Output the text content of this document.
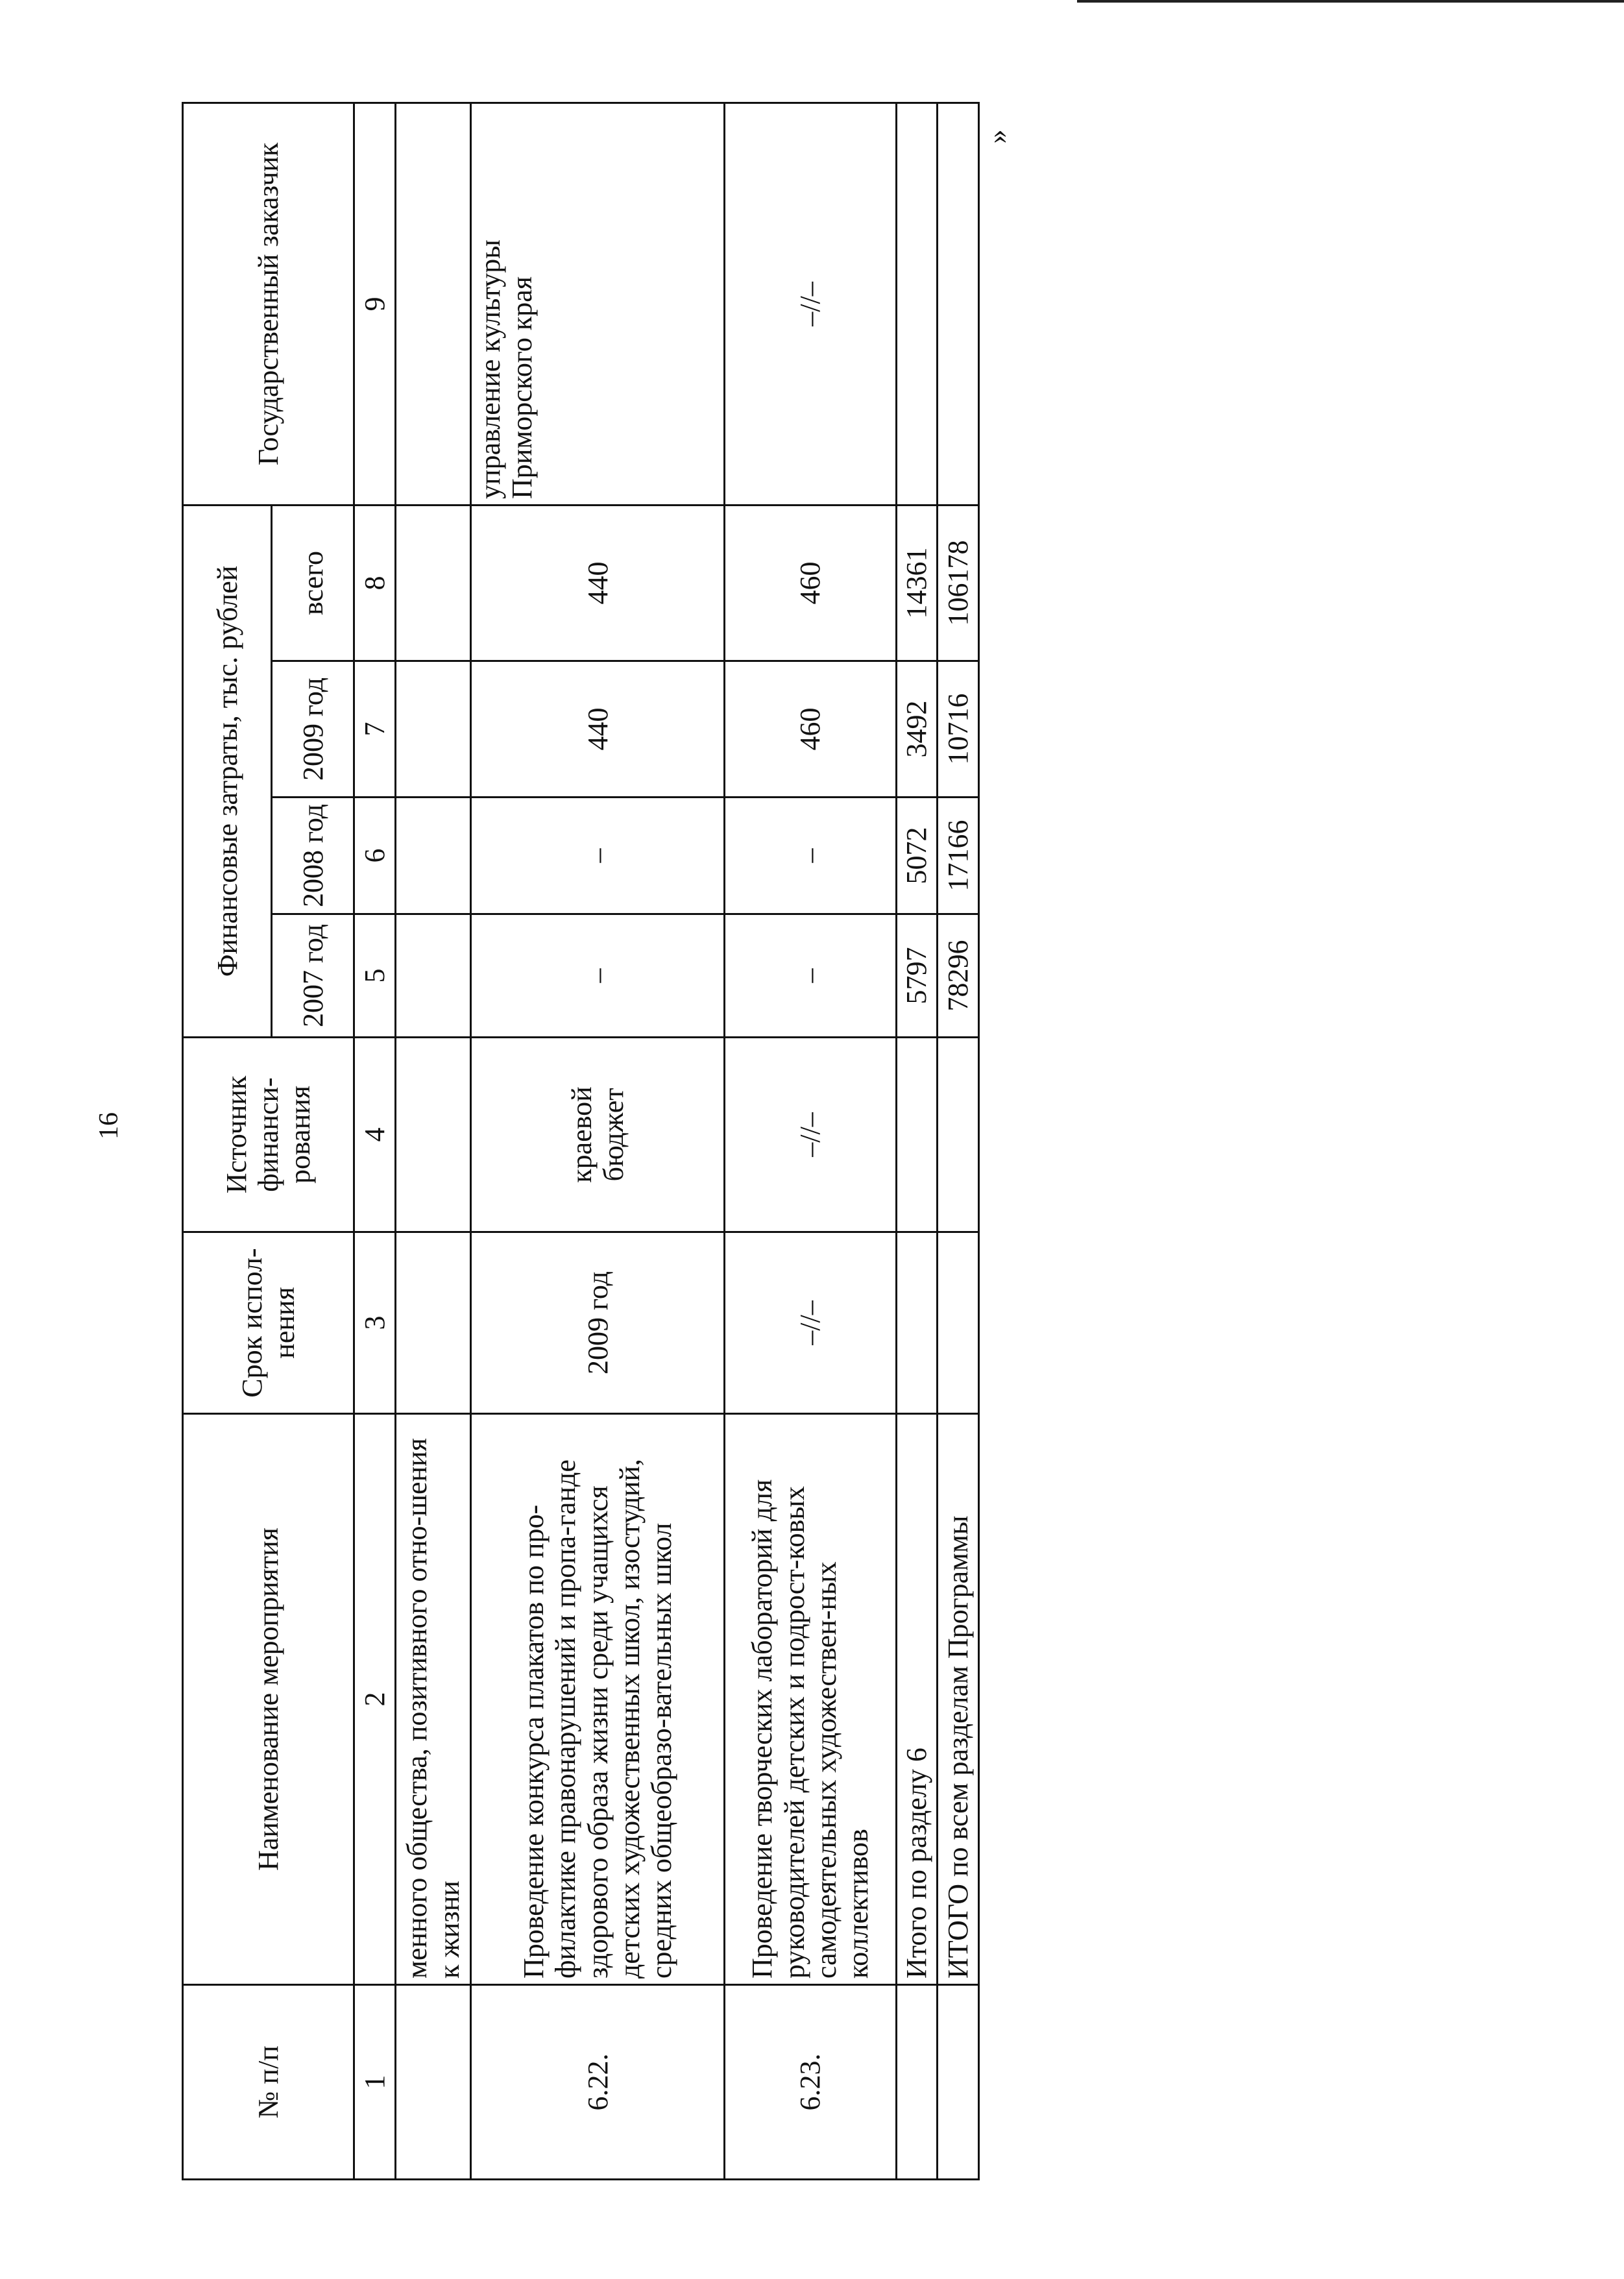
16
»
№ п/п	Наименование мероприятия	Срок испол-нения	Источник финанси-рования	Финансовые затраты, тыс. рублей				Государственный заказчик
				2007 год	2008 год	2009 год	всего	
1	2	3	4	5	6	7	8	9
	менного общества, позитивного отно-шения к жизни							
6.22.	Проведение конкурса плакатов по про-филактике правонарушений и пропа-ганде здорового образа жизни среди учащихся детских художественных школ, изостудий, средних общеобразо-вательных школ	2009 год	краевой бюджет	–	–	440	440	управление культуры Приморского края
6.23.	Проведение творческих лабораторий для руководителей детских и подрост-ковых самодеятельных художествен-ных коллективов	–//–	–//–	–	–	460	460	–//–
	Итого по разделу 6			5797	5072	3492	14361	
	ИТОГО по всем разделам Программы			78296	17166	10716	106178	
